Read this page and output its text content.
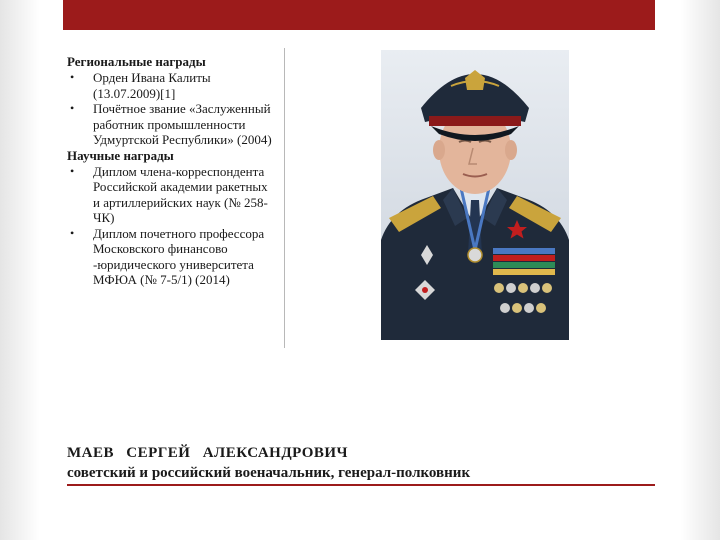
Региональные награды

• Орден Ивана Калиты (13.07.2009)[1]
• Почётное звание «Заслуженный работник промышленности Удмуртской Республики» (2004)

Научные награды

• Диплом члена-корреспондента Российской академии ракетных и артиллерийских наук (№ 258-ЧК)
• Диплом почетного профессора Московского финансово -юридического университета МФЮА (№ 7-5/1) (2014)
МАЕВ СЕРГЕЙ АЛЕКСАНДРОВИЧ
советский и российский военачальник, генерал-полковник
